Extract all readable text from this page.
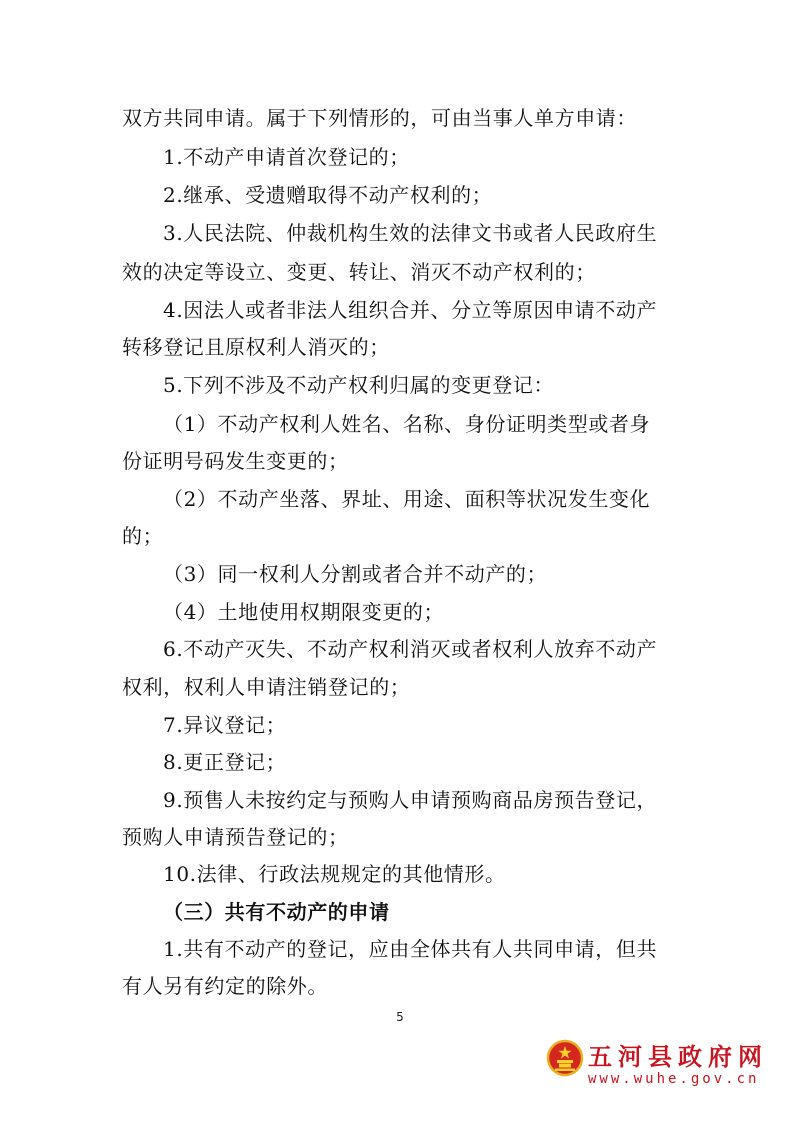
双方共同申请。属于下列情形的，可由当事人单方申请：
1.不动产申请首次登记的；
2.继承、受遗赠取得不动产权利的；
3.人民法院、仲裁机构生效的法律文书或者人民政府生
效的决定等设立、变更、转让、消灭不动产权利的；
4.因法人或者非法人组织合并、分立等原因申请不动产
转移登记且原权利人消灭的；
5.下列不涉及不动产权利归属的变更登记：
（1）不动产权利人姓名、名称、身份证明类型或者身
份证明号码发生变更的；
（2）不动产坐落、界址、用途、面积等状况发生变化
的；
（3）同一权利人分割或者合并不动产的；
（4）土地使用权期限变更的；
6.不动产灭失、不动产权利消灭或者权利人放弃不动产
权利，权利人申请注销登记的；
7.异议登记；
8.更正登记；
9.预售人未按约定与预购人申请预购商品房预告登记，
预购人申请预告登记的；
10.法律、行政法规规定的其他情形。
（三）共有不动产的申请
1.共有不动产的登记，应由全体共有人共同申请，但共
有人另有约定的除外。
5
五河县政府网
www.wuhe.gov.cn
